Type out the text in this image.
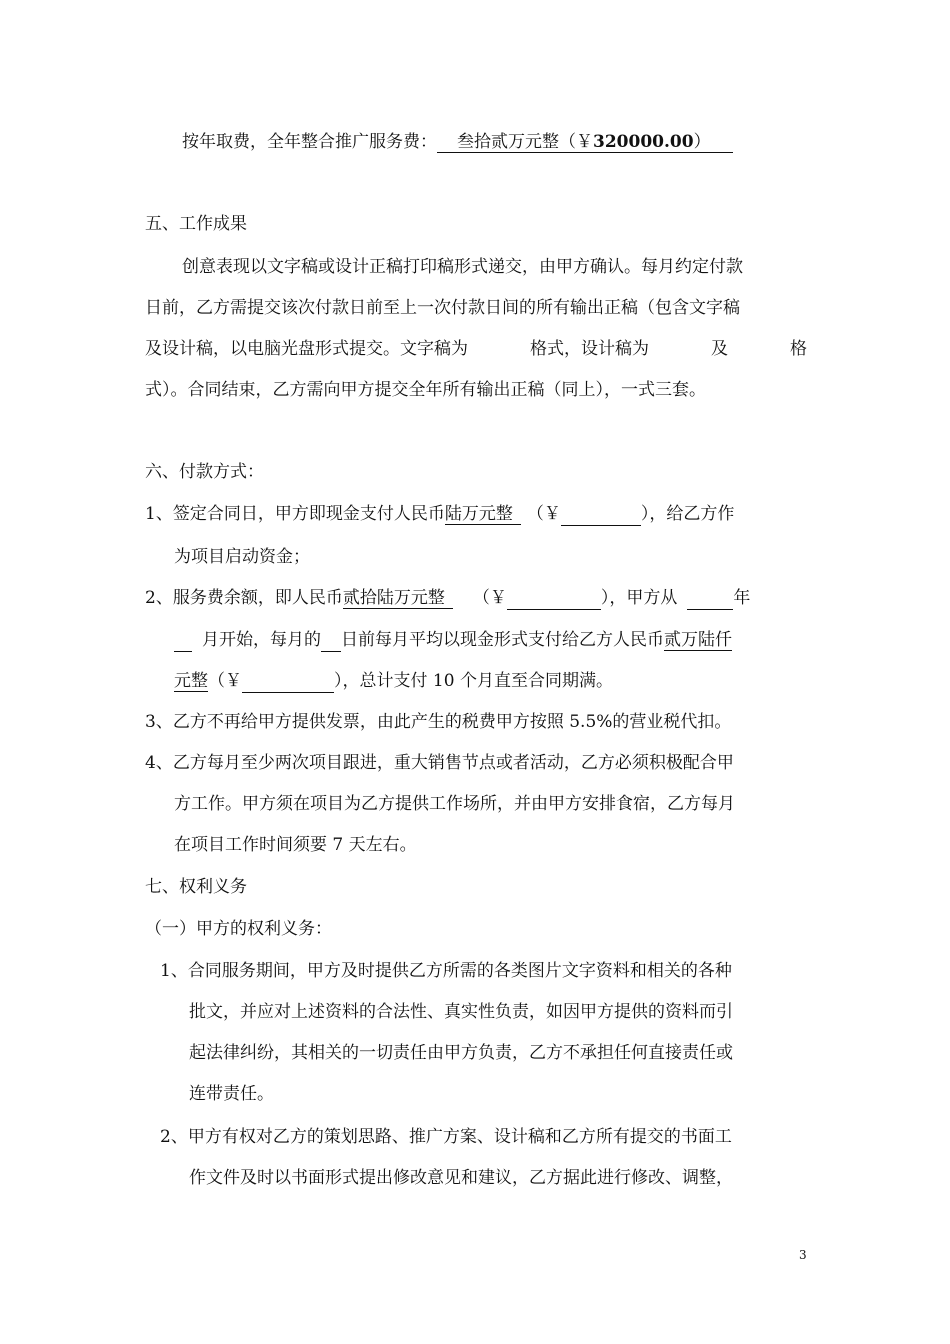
按年取费，全年整合推广服务费： 叁拾贰万元整（￥320000.00）
五、工作成果
创意表现以文字稿或设计正稿打印稿形式递交，由甲方确认。每月约定付款
日前，乙方需提交该次付款日前至上一次付款日间的所有输出正稿（包含文字稿
及设计稿，以电脑光盘形式提交。文字稿为	格式，设计稿为	及	格
式）。合同结束，乙方需向甲方提交全年所有输出正稿（同上），一式三套。
六、付款方式：
1、签定合同日，甲方即现金支付人民币陆万元整 （￥	），给乙方作
为项目启动资金；
2、服务费余额，即人民币贰拾陆万元整 （￥	），甲方从	年
月开始，每月的 日前每月平均以现金形式支付给乙方人民币贰万陆仟
元整（￥	），总计支付 10 个月直至合同期满。
3、乙方不再给甲方提供发票，由此产生的税费甲方按照 5.5%的营业税代扣。
4、乙方每月至少两次项目跟进，重大销售节点或者活动，乙方必须积极配合甲
方工作。甲方须在项目为乙方提供工作场所，并由甲方安排食宿，乙方每月
在项目工作时间须要 7 天左右。
七、权利义务
（一）甲方的权利义务：
1、合同服务期间，甲方及时提供乙方所需的各类图片文字资料和相关的各种
批文，并应对上述资料的合法性、真实性负责，如因甲方提供的资料而引
起法律纠纷，其相关的一切责任由甲方负责，乙方不承担任何直接责任或
连带责任。
2、甲方有权对乙方的策划思路、推广方案、设计稿和乙方所有提交的书面工
作文件及时以书面形式提出修改意见和建议，乙方据此进行修改、调整，
3
